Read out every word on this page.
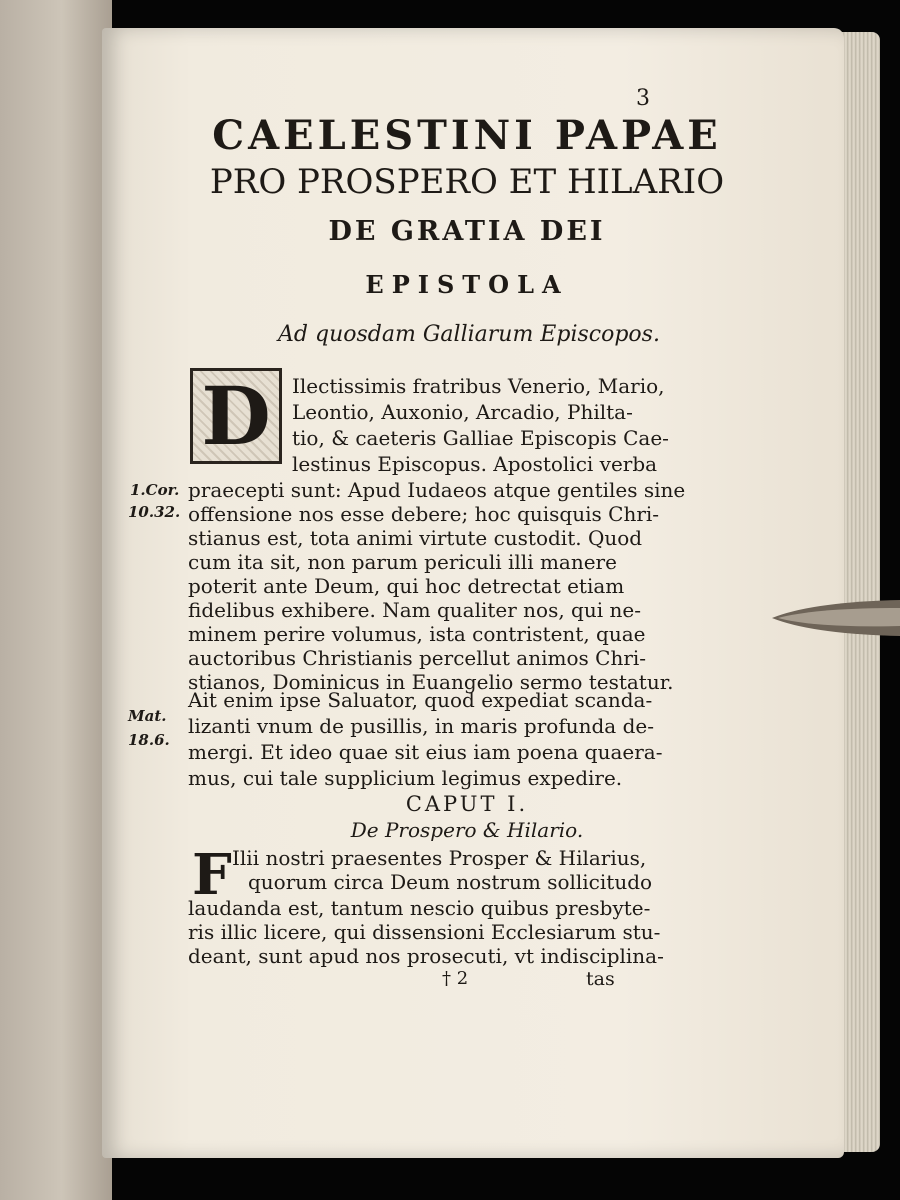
3
CAELESTINI PAPAE
PRO PROSPERO ET HILARIO
DE GRATIA DEI
EPISTOLA
Ad quosdam Galliarum Episcopos.
D	Ilectissimis fratribus Venerio, Mario,
Leontio, Auxonio, Arcadio, Philta-
tio, & caeteris Galliae Episcopis Cae-
lestinus Episcopus. Apostolici verba
1.Cor.
10.32.
Mat.
18.6.
praecepti sunt: Apud Iudaeos atque gentiles sine
offensione nos esse debere; hoc quisquis Chri-
stianus est, tota animi virtute custodit. Quod
cum ita sit, non parum periculi illi manere
poterit ante Deum, qui hoc detrectat etiam
fidelibus exhibere. Nam qualiter nos, qui ne-
minem perire volumus, ista contristent, quae
auctoribus Christianis percellut animos Chri-
stianos, Dominicus in Euangelio sermo testatur.
Ait enim ipse Saluator, quod expediat scanda-
lizanti vnum de pusillis, in maris profunda de-
mergi. Et ideo quae sit eius iam poena quaera-
CAPUT I.
De Prospero & Hilario.
F Ilii nostri praesentes Prosper & Hilarius,
quorum circa Deum nostrum sollicitudo
laudanda est, tantum nescio quibus presbyte-
ris illic licere, qui dissensioni Ecclesiarum stu-
deant, sunt apud nos prosecuti, vt indisciplina-
† 2	tas
mus, cui tale supplicium legimus expedire.
